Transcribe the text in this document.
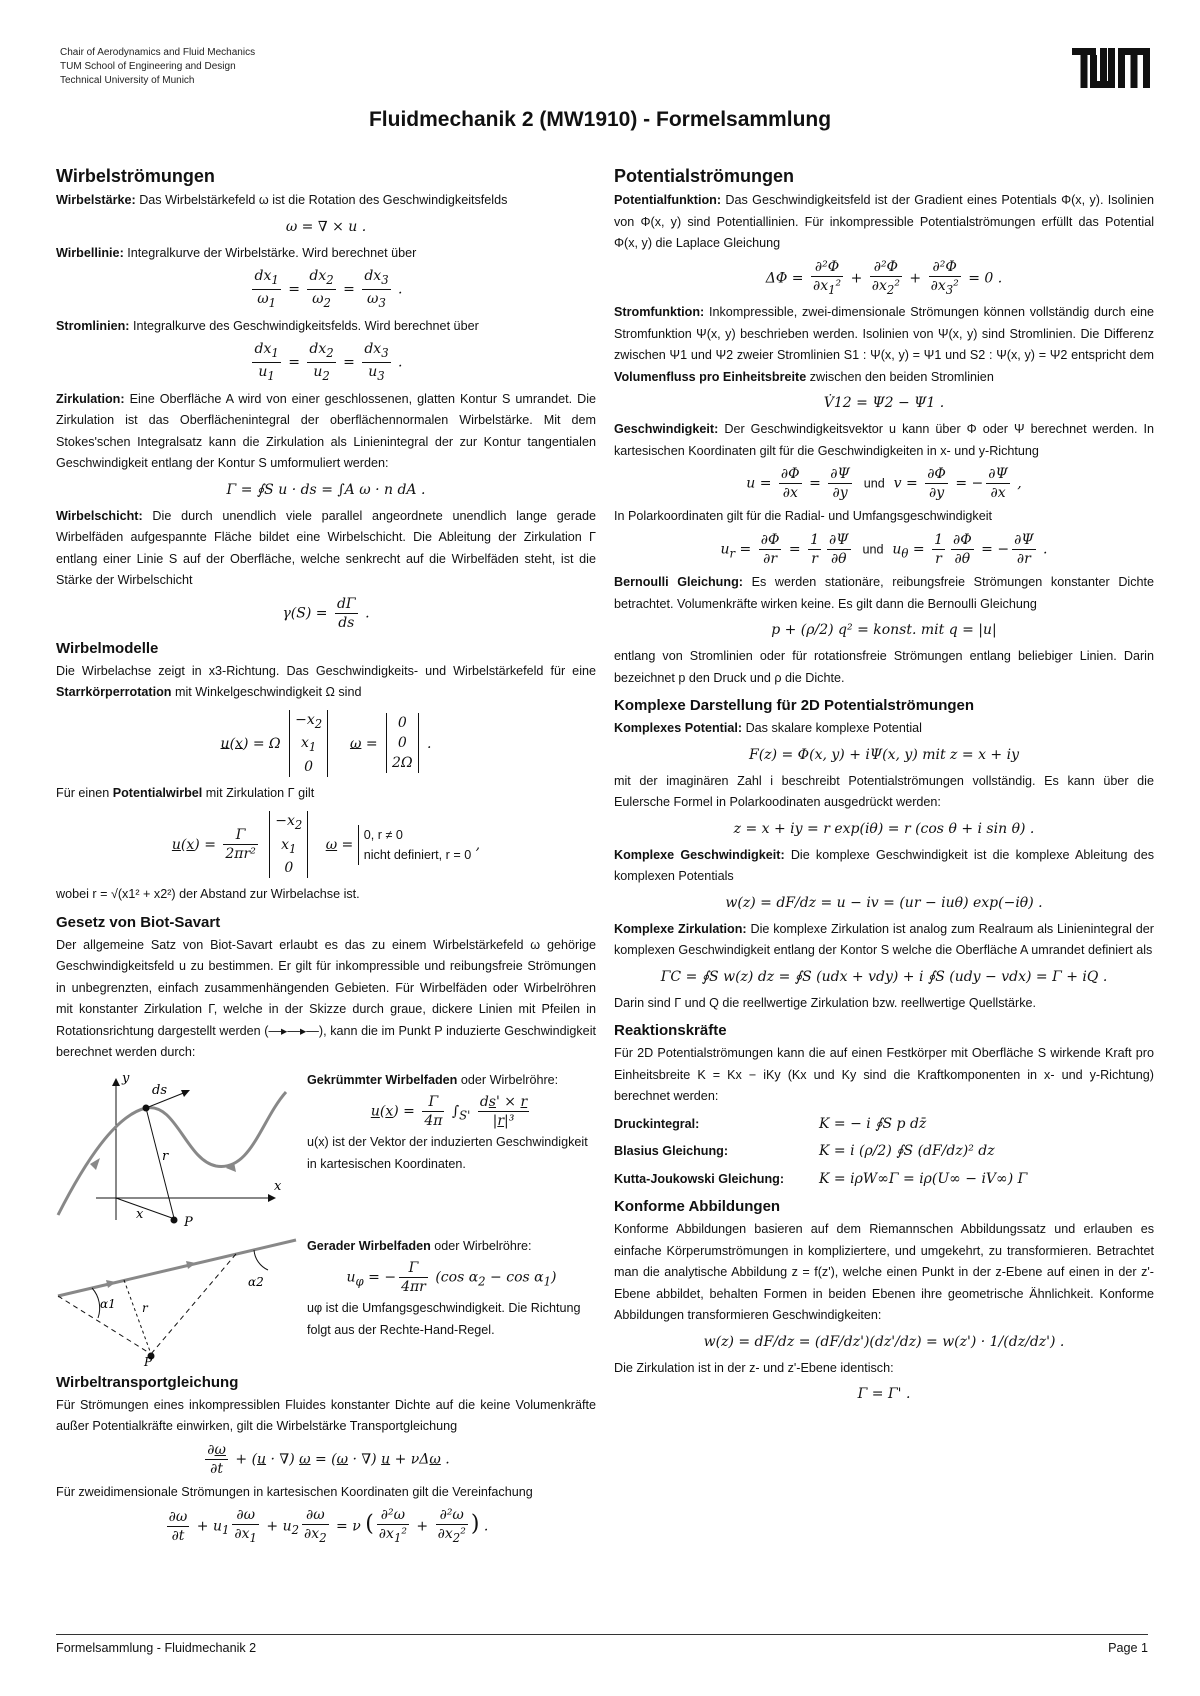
Chair of Aerodynamics and Fluid Mechanics
TUM School of Engineering and Design
Technical University of Munich
Fluidmechanik 2 (MW1910) - Formelsammlung
Wirbelströmungen

Wirbelstärke: Das Wirbelstärkefeld ω ist die Rotation des Geschwindigkeitsfelds

ω = ∇ × u .

Wirbellinie: Integralkurve der Wirbelstärke. Wird berechnet über

$\frac{dx_1}{\omega_1} = \frac{dx_2}{\omega_2} = \frac{dx_3}{\omega_3}$ .

Stromlinien: Integralkurve des Geschwindigkeitsfelds. Wird berechnet über

$\frac{dx_1}{u_1} = \frac{dx_2}{u_2} = \frac{dx_3}{u_3}$ .

Zirkulation: Eine Oberfläche A wird von einer geschlossenen, glatten Kontur S umrandet. Die Zirkulation ist das Oberflächenintegral der oberflächennormalen Wirbelstärke. Mit dem Stokes'schen Integralsatz kann die Zirkulation als Linienintegral der zur Kontur tangentialen Geschwindigkeit entlang der Kontur S umformuliert werden:

Γ = ∮S u · ds = ∫A ω · n dA .

Wirbelschicht: Die durch unendlich viele parallel angeordnete unendlich lange gerade Wirbelfäden aufgespannte Fläche bildet eine Wirbelschicht. Die Ableitung der Zirkulation Γ entlang einer Linie S auf der Oberfläche, welche senkrecht auf die Wirbelfäden steht, ist die Stärke der Wirbelschicht

$\gamma(S) = \frac{d\Gamma}{ds}$ .
Wirbelmodelle

Die Wirbelachse zeigt in x3-Richtung. Das Geschwindigkeits- und Wirbelstärkefeld für eine Starrkörperrotation mit Winkelgeschwindigkeit Ω sind

u(x) = Ω
$-x_2$
$x_1$
0
ω =
0
0
2Ω
.

Für einen Potentialwirbel mit Zirkulation Γ gilt

$u(x) = \frac{\Gamma}{\text{2πr²}}$

$-x_2$
$x_1$
0
ω =
0, r ≠ 0
nicht definiert, r = 0
,

wobei r = √(x1² + x2²) der Abstand zur Wirbelachse ist.

Gesetz von Biot-Savart

Der allgemeine Satz von Biot-Savart erlaubt es das zu einem Wirbelstärkefeld ω gehörige Geschwindigkeitsfeld u zu bestimmen. Er gilt für inkompressible und reibungsfreie Strömungen in unbegrenzten, einfach zusammenhängenden Gebieten. Für Wirbelfäden oder Wirbelröhren mit konstanter Zirkulation Γ, welche in der Skizze durch graue, dickere Linien mit Pfeilen in Rotationsrichtung dargestellt werden (—▸—▸—), kann die im Punkt P induzierte Geschwindigkeit berechnet werden durch:

y
x
ds
r
x
P
Gekrümmter Wirbelfaden oder Wirbelröhre:
$u(x) = \frac{\Gamma}{4\pi} \int_{S'} \frac{ds' \times r}{\text{|r|³}}$
u(x) ist der Vektor der induzierten Geschwindigkeit in kartesischen Koordinaten.
α1
α2
r
P
Gerader Wirbelfaden oder Wirbelröhre:
$u_\varphi$ = − $\frac{\Gamma}{4\pi r} (\cos$ $\alpha_2 - \cos \alpha_1$)
uφ ist die Umfangsgeschwindigkeit. Die Richtung folgt aus der Rechte-Hand-Regel.
Wirbeltransportgleichung

Für Strömungen eines inkompressiblen Fluides konstanter Dichte auf die keine Volumenkräfte außer Potentialkräfte einwirken, gilt die Wirbelstärke Transportgleichung

$\frac{\partial\omega}{\partial t} + (u$ · ∇) ω = (ω · ∇) u + νΔω .

Für zweidimensionale Strömungen in kartesischen Koordinaten gilt die Vereinfachung

$\frac{\partial\omega}{\partial t} + u_1 \frac{\partial\omega}{\partial x_1} + u_2 \frac{\partial\omega}{\partial x_2} = \nu$ ( $\frac{\text{∂²ω}}{\partial x_1^2} + \frac{\text{∂²ω}}{\partial x_2^2}$ ) .
Potentialströmungen

Potentialfunktion: Das Geschwindigkeitsfeld ist der Gradient eines Potentials Φ(x, y). Isolinien von Φ(x, y) sind Potentiallinien. Für inkompressible Potentialströmungen erfüllt das Potential Φ(x, y) die Laplace Gleichung

$\Delta\Phi = \frac{\text{∂²Φ}}{\partial x_1^2} + \frac{\text{∂²Φ}}{\partial x_2^2} + \frac{\text{∂²Φ}}{\partial x_3^2} = 0$ .

Stromfunktion: Inkompressible, zwei-dimensionale Strömungen können vollständig durch eine Stromfunktion Ψ(x, y) beschrieben werden. Isolinien von Ψ(x, y) sind Stromlinien. Die Differenz zwischen Ψ1 und Ψ2 zweier Stromlinien S1 : Ψ(x, y) = Ψ1 und S2 : Ψ(x, y) = Ψ2 entspricht dem Volumenfluss pro Einheitsbreite zwischen den beiden Stromlinien

V̇12 = Ψ2 − Ψ1 .

Geschwindigkeit: Der Geschwindigkeitsvektor u kann über Φ oder Ψ berechnet werden. In kartesischen Koordinaten gilt für die Geschwindigkeiten in x- und y-Richtung

$u = \frac{\partial\Phi}{\partial x} = \frac{\partial\Psi}{\partial y}$ und  $v = \frac{\partial\Phi}{\partial y}$ = − $\frac{\partial\Psi}{\partial x}$ ,

In Polarkoordinaten gilt für die Radial- und Umfangsgeschwindigkeit

$u_r = \frac{\partial\Phi}{\partial r} = \frac{1}{r} \frac{\partial\Psi}{\partial\theta}$ und  $u_\theta = \frac{1}{r} \frac{\partial\Phi}{\partial\theta}$ = − $\frac{\partial\Psi}{\partial r}$ .

Bernoulli Gleichung: Es werden stationäre, reibungsfreie Strömungen konstanter Dichte betrachtet. Volumenkräfte wirken keine. Es gilt dann die Bernoulli Gleichung

p + (ρ/2) q² = konst. mit q = |u|

entlang von Stromlinien oder für rotationsfreie Strömungen entlang beliebiger Linien. Darin bezeichnet p den Druck und ρ die Dichte.

Komplexe Darstellung für 2D Potentialströmungen

Komplexes Potential: Das skalare komplexe Potential

F(z) = Φ(x, y) + iΨ(x, y) mit z = x + iy

mit der imaginären Zahl i beschreibt Potentialströmungen vollständig. Es kann über die Eulersche Formel in Polarkoodinaten ausgedrückt werden:

z = x + iy = r exp(iθ) = r (cos θ + i sin θ) .

Komplexe Geschwindigkeit: Die komplexe Geschwindigkeit ist die komplexe Ableitung des komplexen Potentials

w(z) = dF/dz = u − iv = (ur − iuθ) exp(−iθ) .

Komplexe Zirkulation: Die komplexe Zirkulation ist analog zum Realraum als Linienintegral der komplexen Geschwindigkeit entlang der Kontor S welche die Oberfläche A umrandet definiert als

ΓC = ∮S w(z) dz = ∮S (udx + vdy) + i ∮S (udy − vdx) = Γ + iQ .

Darin sind Γ und Q die reellwertige Zirkulation bzw. reellwertige Quellstärke.

Reaktionskräfte

Für 2D Potentialströmungen kann die auf einen Festkörper mit Oberfläche S wirkende Kraft pro Einheitsbreite K = Kx − iKy (Kx und Ky sind die Kraftkomponenten in x- und y-Richtung) berechnet werden:

Druckintegral:	K = − i ∮S p dz̄
Blasius Gleichung:	K = i (ρ/2) ∮S (dF/dz)² dz
Kutta-Joukowski Gleichung:	K = iρW∞Γ = iρ(U∞ − iV∞) Γ
Konforme Abbildungen

Konforme Abbildungen basieren auf dem Riemannschen Abbildungssatz und erlauben es einfache Körperumströmungen in kompliziertere, und umgekehrt, zu transformieren. Betrachtet man die analytische Abbildung z = f(z'), welche einen Punkt in der z-Ebene auf einen in der z'-Ebene abbildet, behalten Formen in beiden Ebenen ihre geometrische Ähnlichkeit. Konforme Abbildungen transformieren Geschwindigkeiten:

w(z) = dF/dz = (dF/dz')(dz'/dz) = w(z') · 1/(dz/dz') .

Die Zirkulation ist in der z- und z'-Ebene identisch:

Γ = Γ' .
Formelsammlung - Fluidmechanik 2	Page 1
